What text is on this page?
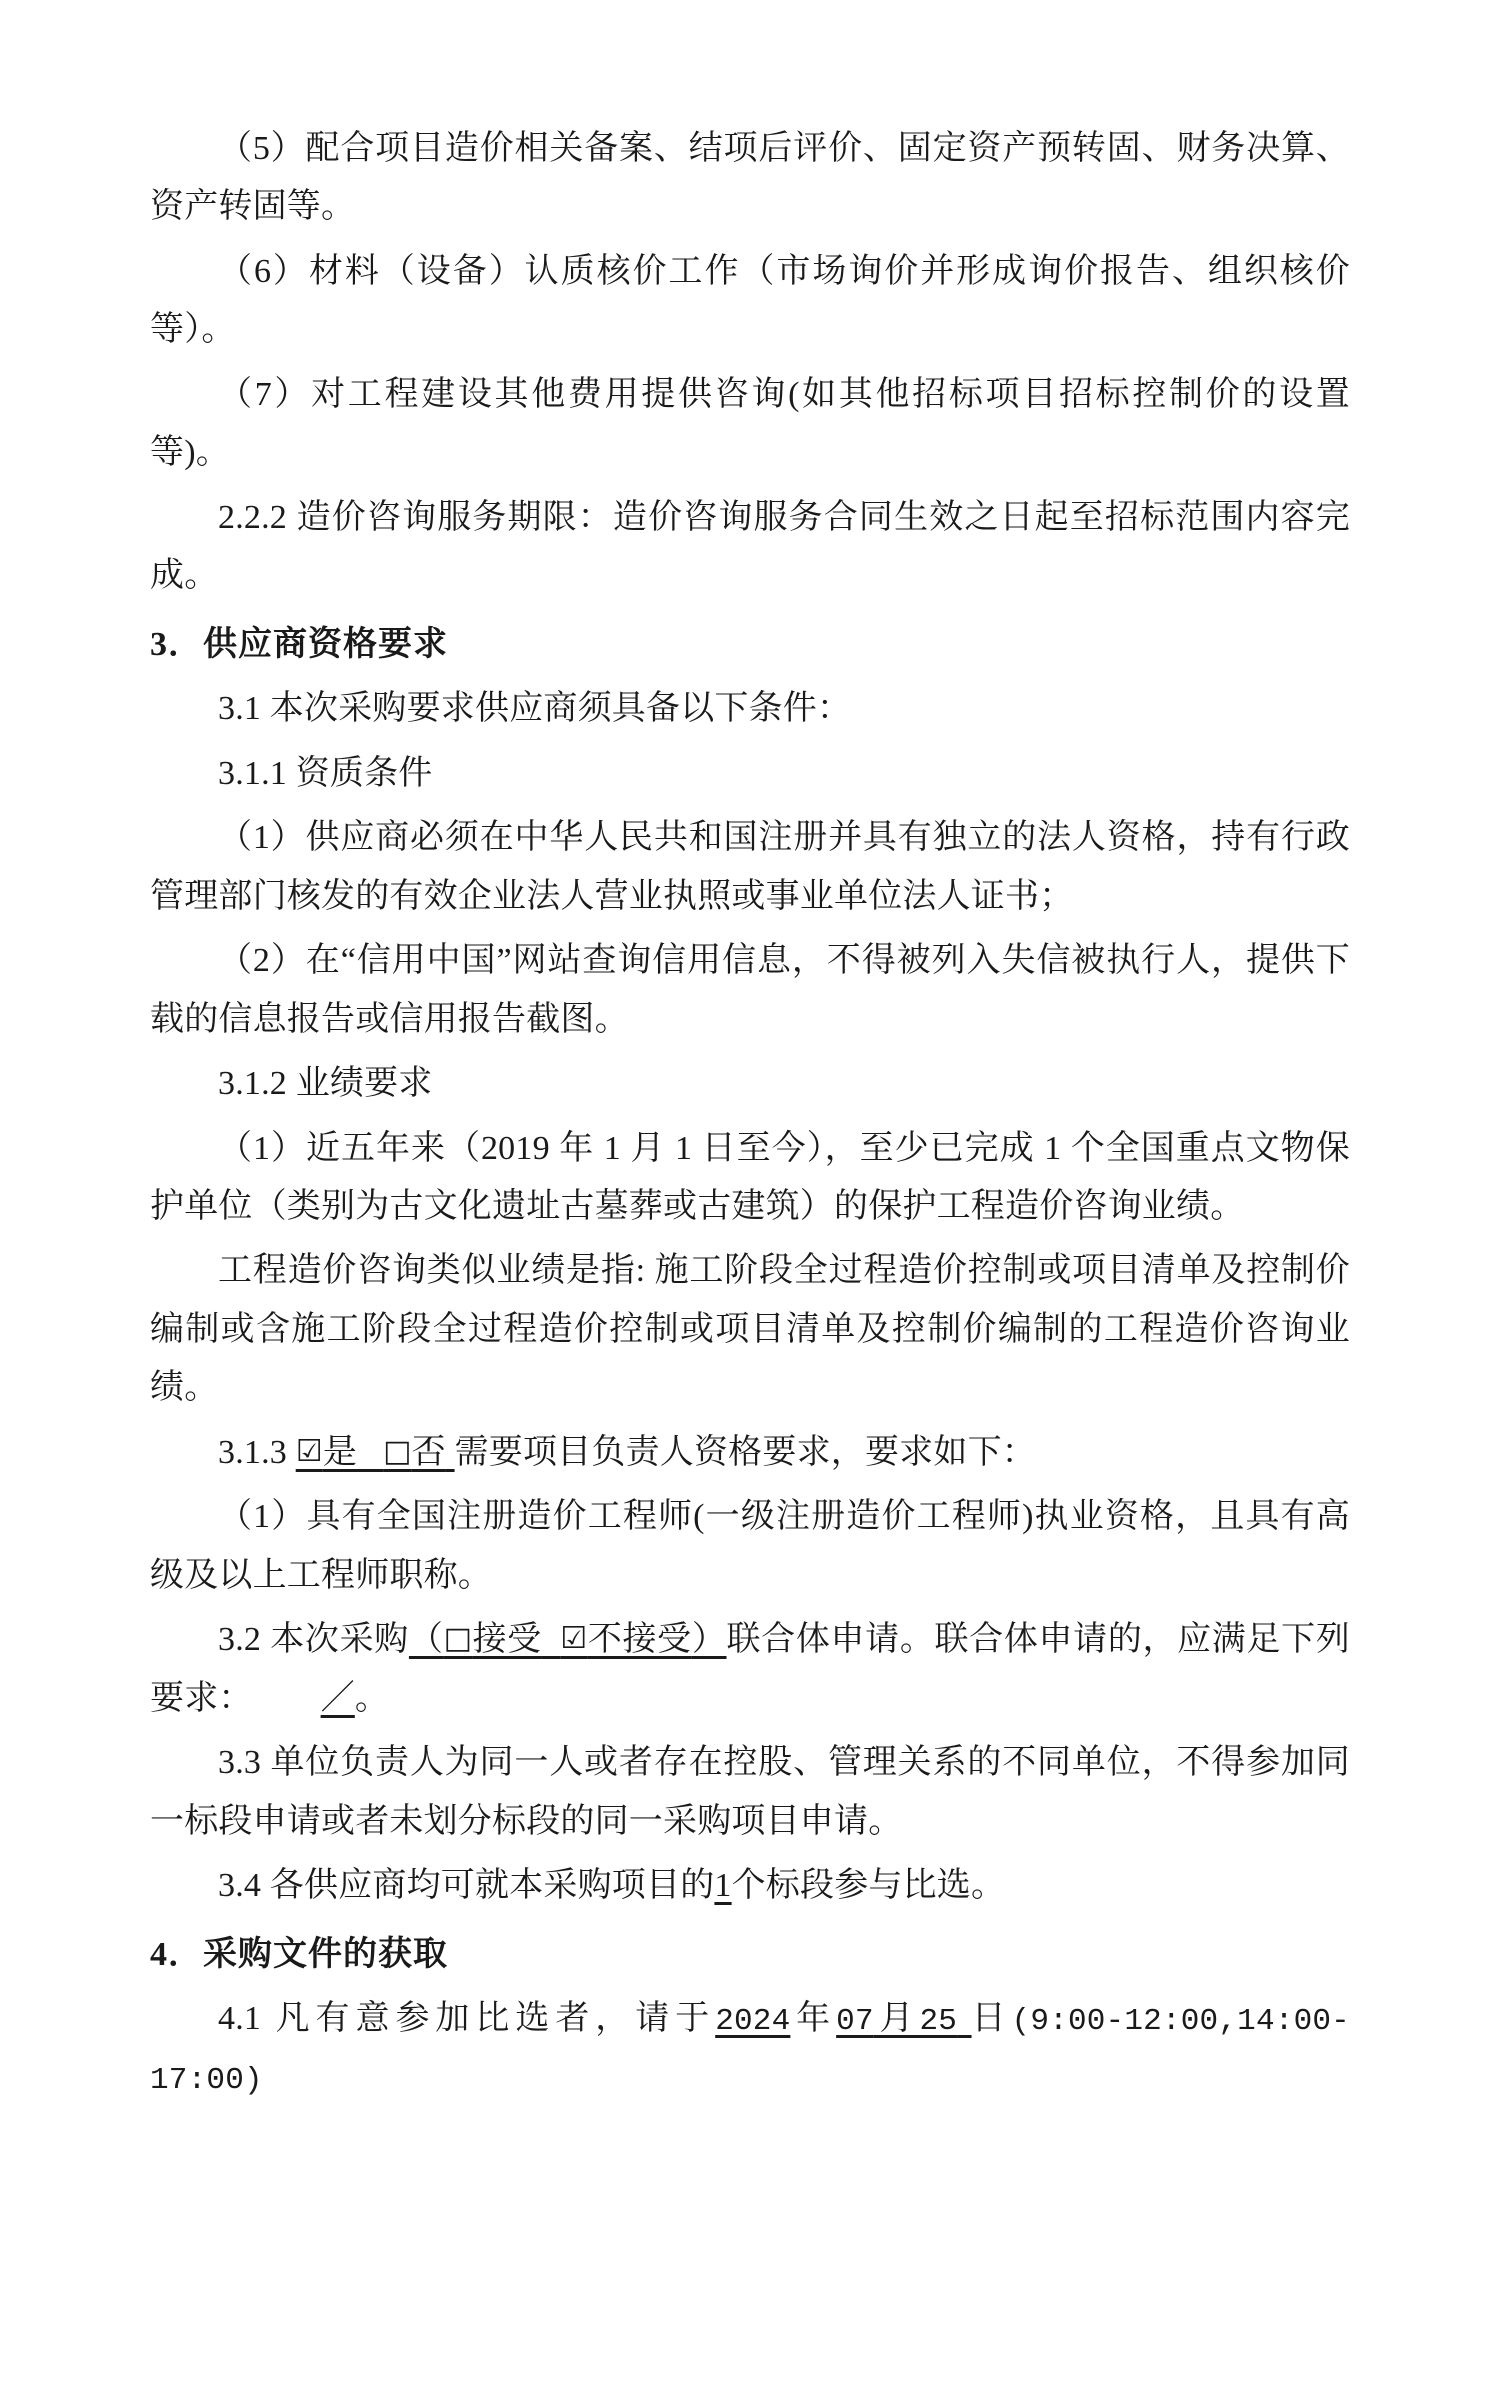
（5）配合项目造价相关备案、结项后评价、固定资产预转固、财务决算、资产转固等。

（6）材料（设备）认质核价工作（市场询价并形成询价报告、组织核价等）。

（7）对工程建设其他费用提供咨询(如其他招标项目招标控制价的设置等)。

2.2.2 造价咨询服务期限：造价咨询服务合同生效之日起至招标范围内容完成。

3．供应商资格要求

3.1 本次采购要求供应商须具备以下条件：

3.1.1 资质条件

（1）供应商必须在中华人民共和国注册并具有独立的法人资格，持有行政管理部门核发的有效企业法人营业执照或事业单位法人证书；

（2）在“信用中国”网站查询信用信息，不得被列入失信被执行人，提供下载的信息报告或信用报告截图。

3.1.2 业绩要求

（1）近五年来（2019 年 1 月 1 日至今），至少已完成 1 个全国重点文物保护单位（类别为古文化遗址古墓葬或古建筑）的保护工程造价咨询业绩。

工程造价咨询类似业绩是指: 施工阶段全过程造价控制或项目清单及控制价编制或含施工阶段全过程造价控制或项目清单及控制价编制的工程造价咨询业绩。

3.1.3 ☑是 □否 需要项目负责人资格要求，要求如下：

（1）具有全国注册造价工程师(一级注册造价工程师)执业资格，且具有高级及以上工程师职称。

3.2 本次采购（□接受 ☑不接受）联合体申请。联合体申请的，应满足下列要求： ／。

3.3 单位负责人为同一人或者存在控股、管理关系的不同单位，不得参加同一标段申请或者未划分标段的同一采购项目申请。

3.4 各供应商均可就本采购项目的1个标段参与比选。

4．采购文件的获取

4.1 凡有意参加比选者，请于2024年07月25 日(9:00-12:00,14:00-17:00)
